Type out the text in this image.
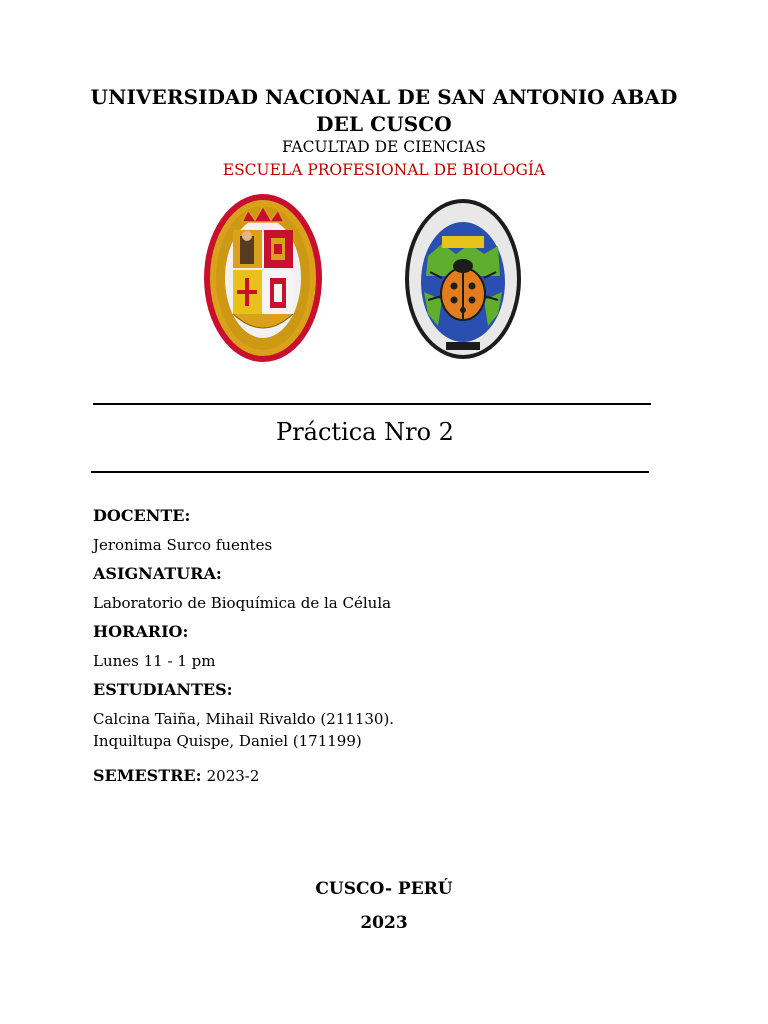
UNIVERSIDAD NACIONAL DE SAN ANTONIO ABAD
DEL CUSCO
FACULTAD DE CIENCIAS
ESCUELA PROFESIONAL DE BIOLOGÍA
Práctica Nro 2
DOCENTE:
Jeronima Surco fuentes
ASIGNATURA:
Laboratorio de Bioquímica de la Célula
HORARIO:
Lunes 11 - 1 pm
ESTUDIANTES:
Calcina Taiña, Mihail Rivaldo (211130).
Inquiltupa Quispe, Daniel (171199)
SEMESTRE: 2023-2
CUSCO- PERÚ
2023
